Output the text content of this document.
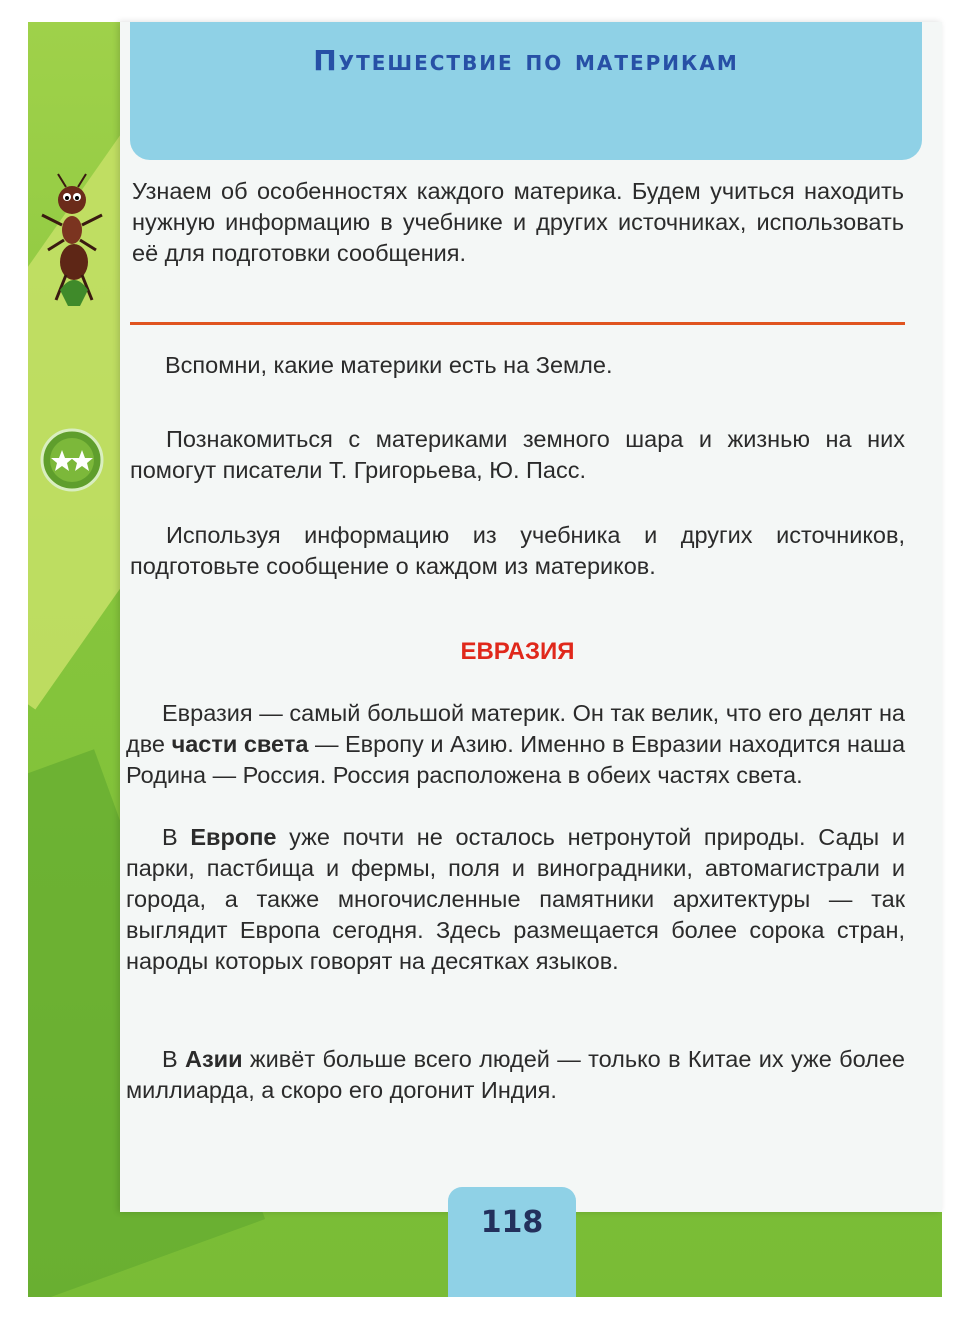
Путешествие по материкам
Узнаем об особенностях каждого материка. Будем учиться находить нужную информацию в учебнике и других источниках, использовать её для подготовки сообщения.
Вспомни, какие материки есть на Земле.
Познакомиться с материками земного шара и жизнью на них помогут писатели Т. Григорьева, Ю. Пасс.
Используя информацию из учебника и других источников, подготовьте сообщение о каждом из материков.
ЕВРАЗИЯ
Евразия — самый большой материк. Он так велик, что его делят на две части света — Европу и Азию. Именно в Евразии находится наша Родина — Россия. Россия расположена в обеих частях света.
В Европе уже почти не осталось нетронутой природы. Сады и парки, пастбища и фермы, поля и виноградники, автомагистрали и города, а также многочисленные памятники архитектуры — так выглядит Европа сегодня. Здесь размещается более сорока стран, народы которых говорят на десятках языков.
В Азии живёт больше всего людей — только в Китае их уже более миллиарда, а скоро его догонит Индия.
118
